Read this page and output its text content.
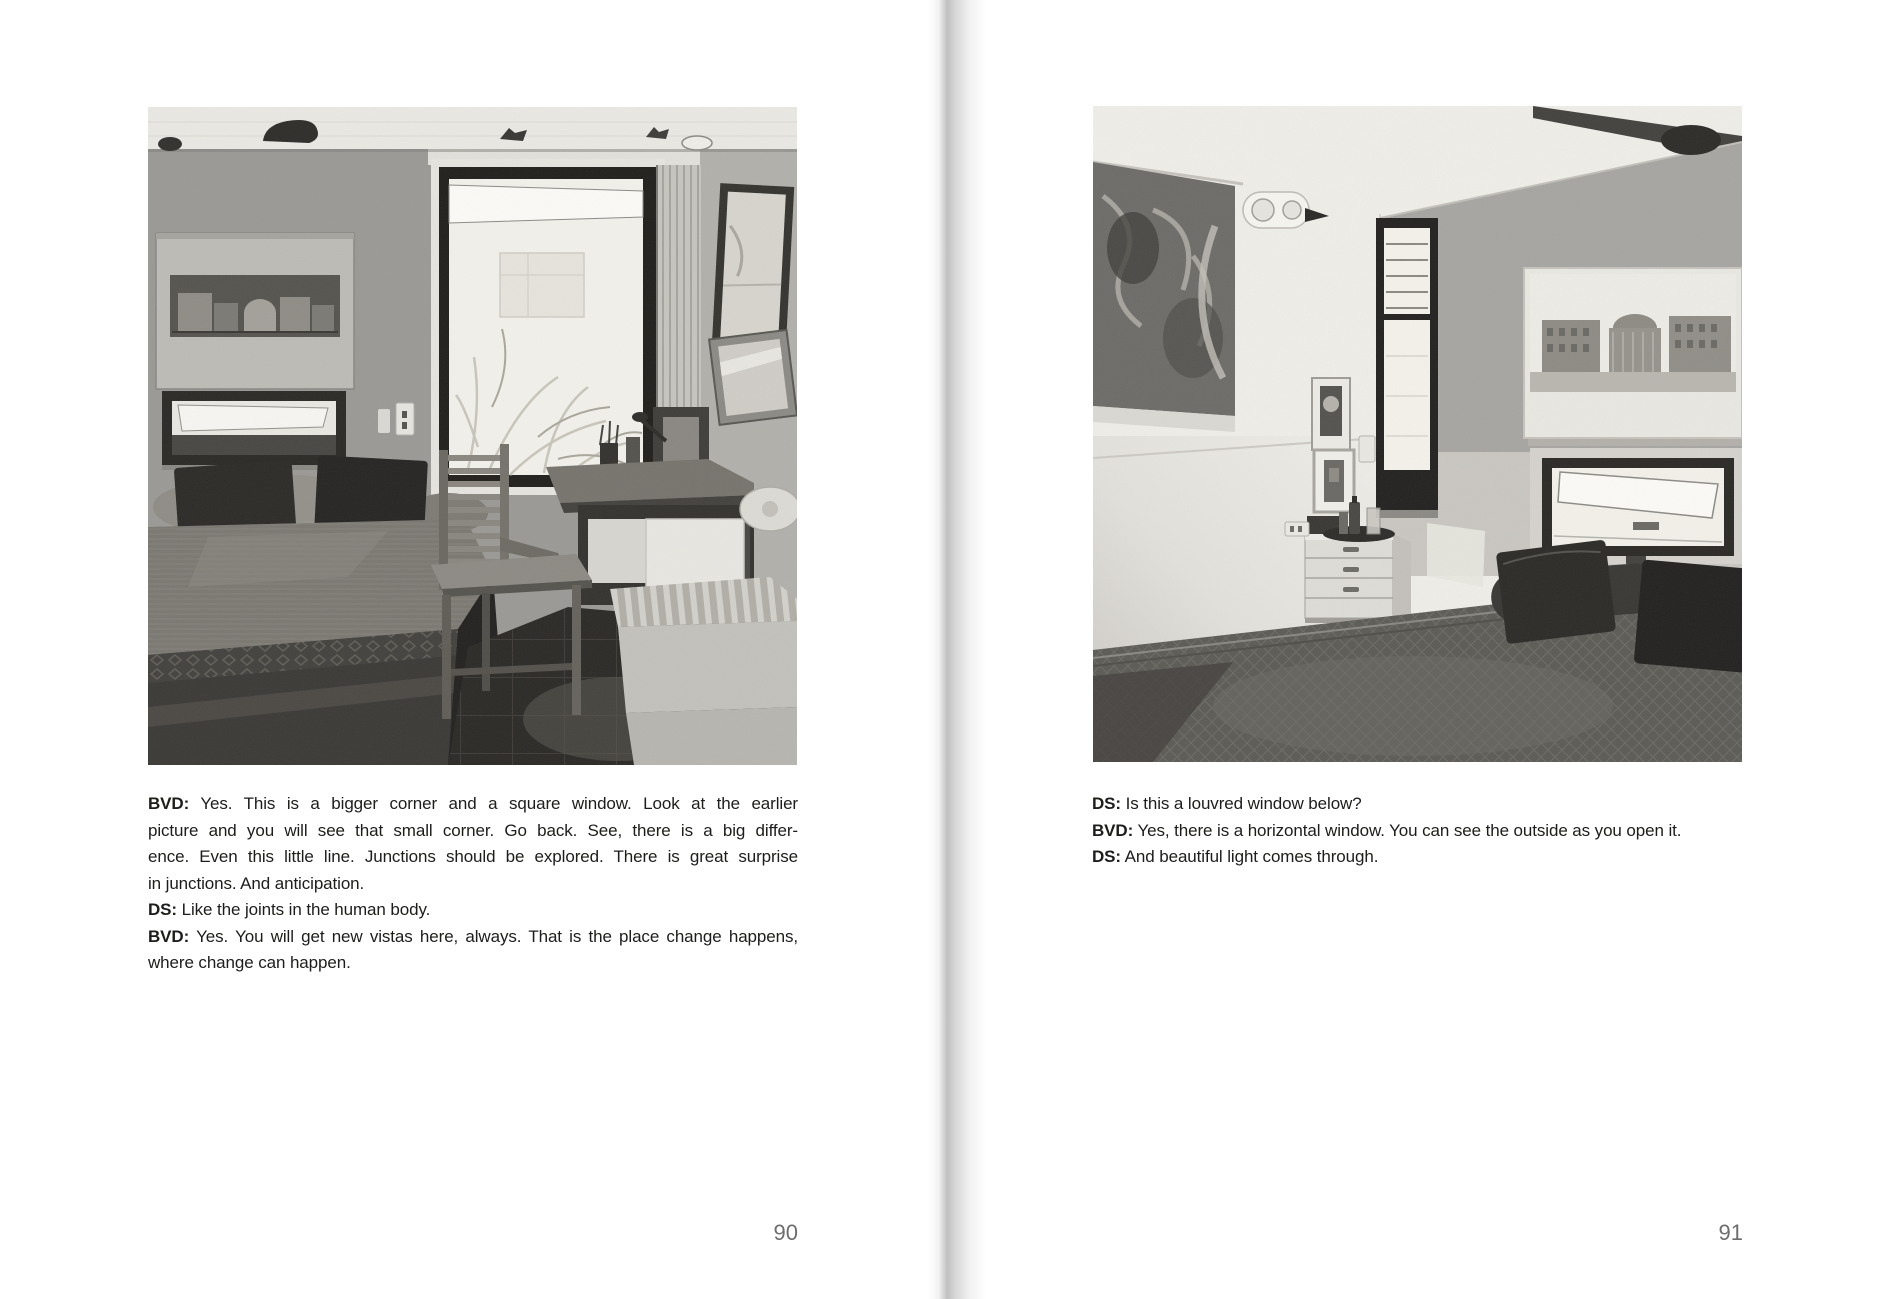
BVD: Yes. This is a bigger corner and a square window. Look at the earlier
picture and you will see that small corner. Go back. See, there is a big differ-
ence. Even this little line. Junctions should be explored. There is great surprise
in junctions. And anticipation.
DS: Like the joints in the human body.
BVD: Yes. You will get new vistas here, always. That is the place change happens,
where change can happen.
90
DS: Is this a louvred window below?
BVD: Yes, there is a horizontal window. You can see the outside as you open it.
DS: And beautiful light comes through.
91
